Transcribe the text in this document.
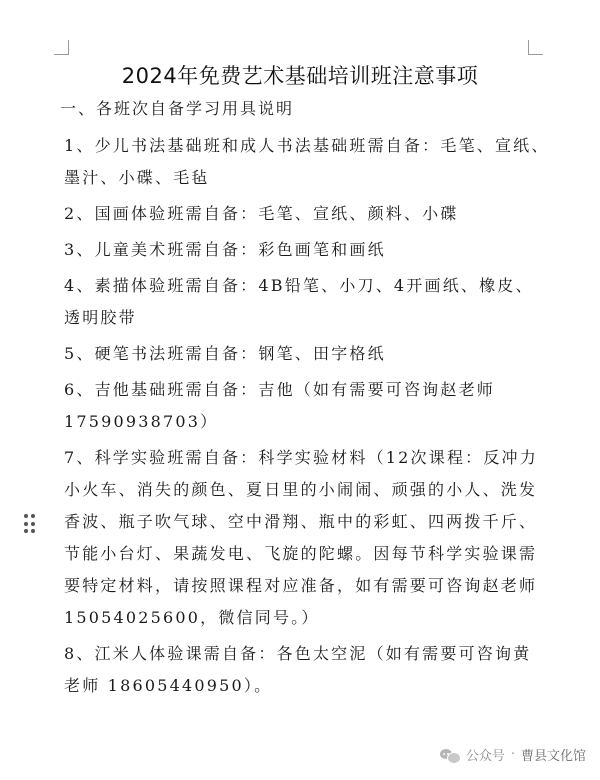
2024年免费艺术基础培训班注意事项
一、各班次自备学习用具说明
1、少儿书法基础班和成人书法基础班需自备：毛笔、宣纸、
墨汁、小碟、毛毡
2、国画体验班需自备：毛笔、宣纸、颜料、小碟
3、儿童美术班需自备：彩色画笔和画纸
4、素描体验班需自备：4B铅笔、小刀、4开画纸、橡皮、
透明胶带
5、硬笔书法班需自备：钢笔、田字格纸
6、吉他基础班需自备：吉他（如有需要可咨询赵老师
17590938703）
7、科学实验班需自备：科学实验材料（12次课程：反冲力
小火车、消失的颜色、夏日里的小闹闹、顽强的小人、洗发
香波、瓶子吹气球、空中滑翔、瓶中的彩虹、四两拨千斤、
节能小台灯、果蔬发电、飞旋的陀螺。因每节科学实验课需
要特定材料，请按照课程对应准备，如有需要可咨询赵老师
15054025600，微信同号。）
8、江米人体验课需自备：各色太空泥（如有需要可咨询黄
老师 18605440950）。
公众号 · 曹县文化馆
